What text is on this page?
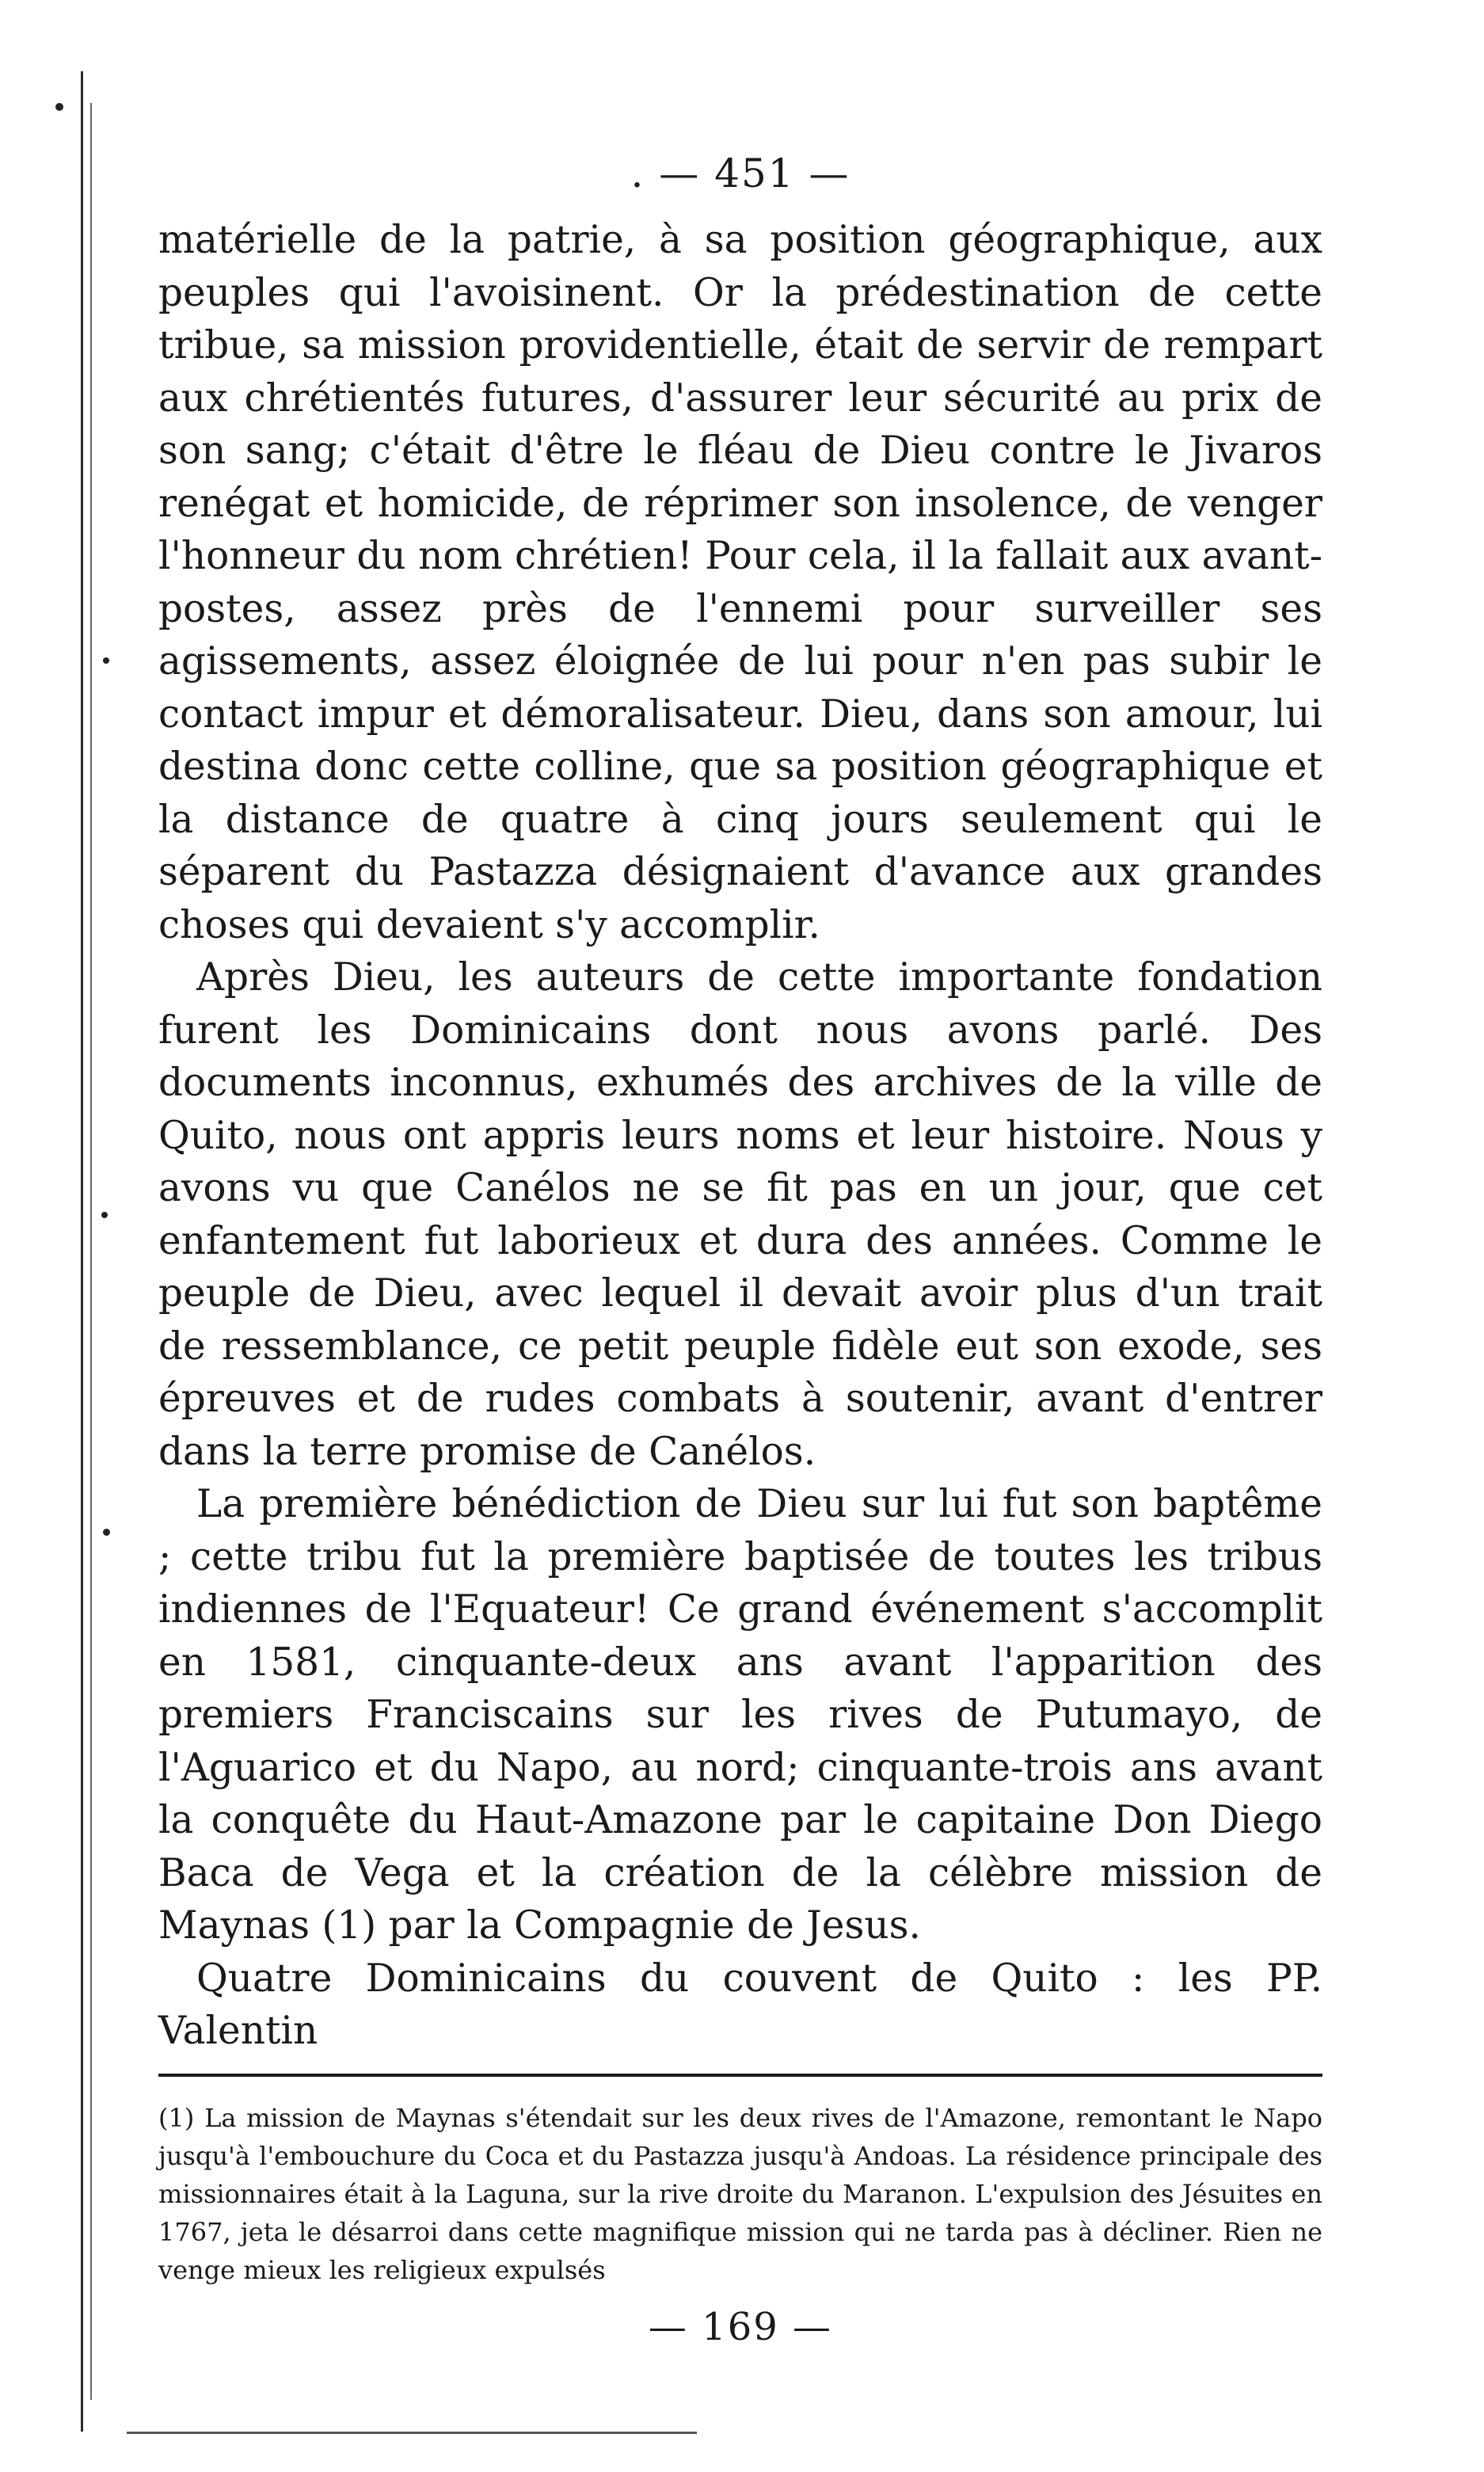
. — 451 —

matérielle de la patrie, à sa position géographique, aux peuples qui l'avoisinent. Or la prédestination de cette tribue, sa mission providentielle, était de servir de rempart aux chrétientés futures, d'assurer leur sécurité au prix de son sang; c'était d'être le fléau de Dieu contre le Jivaros renégat et homicide, de réprimer son insolence, de venger l'honneur du nom chrétien! Pour cela, il la fallait aux avant-postes, assez près de l'ennemi pour surveiller ses agissements, assez éloignée de lui pour n'en pas subir le contact impur et démoralisateur. Dieu, dans son amour, lui destina donc cette colline, que sa position géographique et la distance de quatre à cinq jours seulement qui le séparent du Pastazza désignaient d'avance aux grandes choses qui devaient s'y accomplir.

Après Dieu, les auteurs de cette importante fondation furent les Dominicains dont nous avons parlé. Des documents inconnus, exhumés des archives de la ville de Quito, nous ont appris leurs noms et leur histoire. Nous y avons vu que Canélos ne se fit pas en un jour, que cet enfantement fut laborieux et dura des années. Comme le peuple de Dieu, avec lequel il devait avoir plus d'un trait de ressemblance, ce petit peuple fidèle eut son exode, ses épreuves et de rudes combats à soutenir, avant d'entrer dans la terre promise de Canélos.

La première bénédiction de Dieu sur lui fut son baptême ; cette tribu fut la première baptisée de toutes les tribus indiennes de l'Equateur! Ce grand événement s'accomplit en 1581, cinquante-deux ans avant l'apparition des premiers Franciscains sur les rives de Putumayo, de l'Aguarico et du Napo, au nord; cinquante-trois ans avant la conquête du Haut-Amazone par le capitaine Don Diego Baca de Vega et la création de la célèbre mission de Maynas (1) par la Compagnie de Jesus.

Quatre Dominicains du couvent de Quito : les PP. Valentin

(1) La mission de Maynas s'étendait sur les deux rives de l'Amazone, remontant le Napo jusqu'à l'embouchure du Coca et du Pastazza jusqu'à Andoas. La résidence principale des missionnaires était à la Laguna, sur la rive droite du Maranon. L'expulsion des Jésuites en 1767, jeta le désarroi dans cette magnifique mission qui ne tarda pas à décliner. Rien ne venge mieux les religieux expulsés

— 169 —
